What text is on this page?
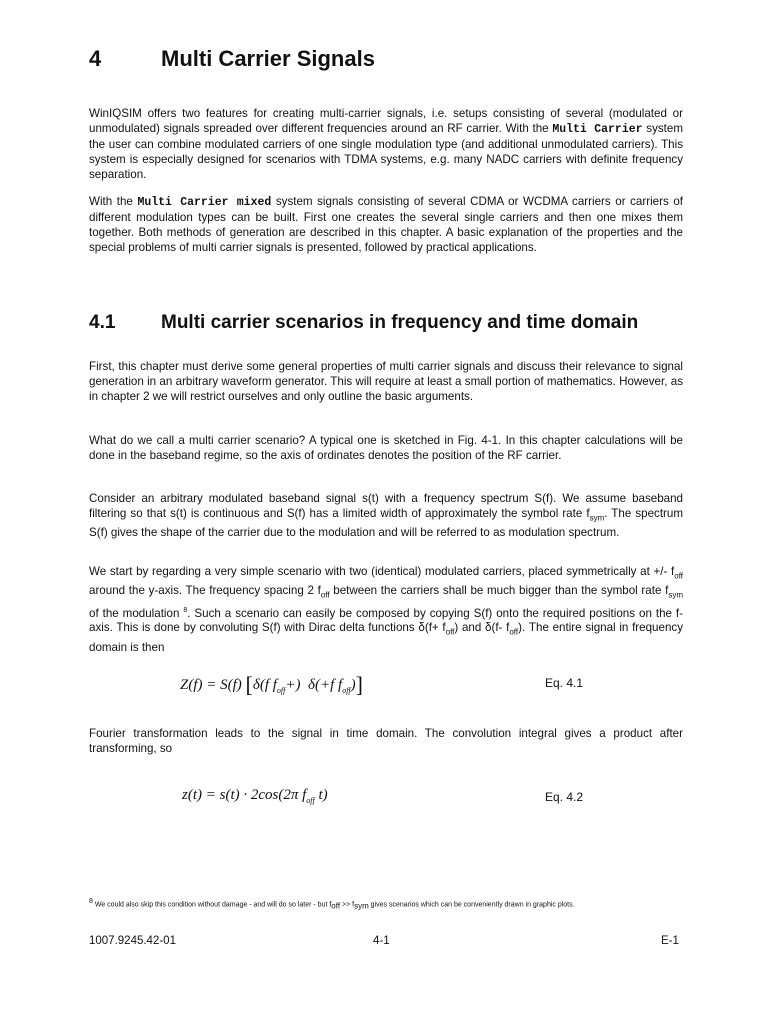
4	Multi Carrier Signals
WinIQSIM offers two features for creating multi-carrier signals, i.e. setups consisting of several (modulated or unmodulated) signals spreaded over different frequencies around an RF carrier. With the Multi Carrier system the user can combine modulated carriers of one single modulation type (and additional unmodulated carriers). This system is especially designed for scenarios with TDMA systems, e.g. many NADC carriers with definite frequency separation.
With the Multi Carrier mixed system signals consisting of several CDMA or WCDMA carriers or carriers of different modulation types can be built. First one creates the several single carriers and then one mixes them together. Both methods of generation are described in this chapter. A basic explanation of the properties and the special problems of multi carrier signals is presented, followed by practical applications.
4.1 Multi carrier scenarios in frequency and time domain
First, this chapter must derive some general properties of multi carrier signals and discuss their relevance to signal generation in an arbitrary waveform generator. This will require at least a small portion of mathematics. However, as in chapter 2 we will restrict ourselves and only outline the basic arguments.
What do we call a multi carrier scenario? A typical one is sketched in Fig. 4-1. In this chapter calculations will be done in the baseband regime, so the axis of ordinates denotes the position of the RF carrier.
Consider an arbitrary modulated baseband signal s(t) with a frequency spectrum S(f). We assume baseband filtering so that s(t) is continuous and S(f) has a limited width of approximately the symbol rate $f_{sym}$. The spectrum S(f) gives the shape of the carrier due to the modulation and will be referred to as modulation spectrum.
We start by regarding a very simple scenario with two (identical) modulated carriers, placed symmetrically at +/- $f_{off}$ around the y-axis. The frequency spacing 2 $f_{off}$ between the carriers shall be much bigger than the symbol rate $f_{sym}$ of the modulation $^8$. Such a scenario can easily be composed by copying S(f) onto the required positions on the f-axis. This is done by convoluting S(f) with Dirac delta functions $\delta(f+ f_{off})$ and δ(f- $f_{off}$). The entire signal in frequency domain is then
Z(f) = S(f) [δ(f $f_{off}+$) δ(+f $f_{off}$)]	Eq. 4.1
Fourier transformation leads to the signal in time domain. The convolution integral gives a product after transforming, so
z(t) = s(t) · 2cos(2π $f_{off}$ t)	Eq. 4.2
$^8$ We could also skip this condition without damage - and will do so later - but $f_{off} >> f_{sym}$ gives scenarios which can be conveniently drawn in graphic plots.
1007.9245.42-01	4-1	E-1
